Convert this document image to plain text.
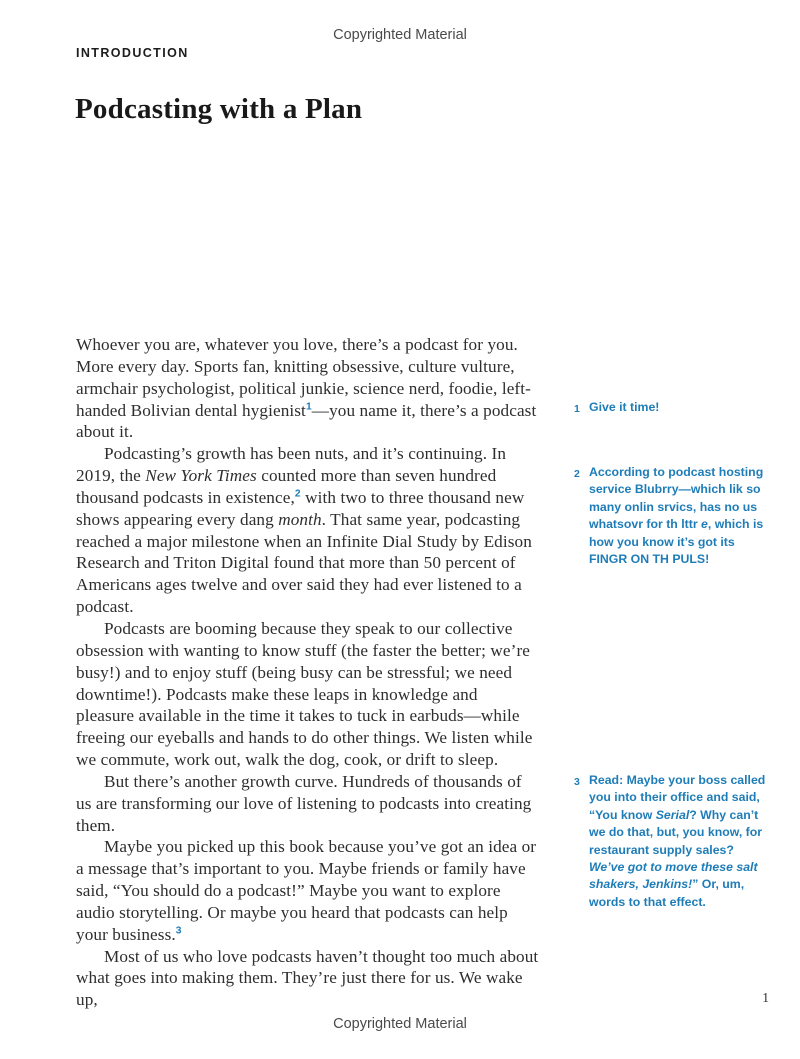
Copyrighted Material
INTRODUCTION
Podcasting with a Plan

Whoever you are, whatever you love, there’s a podcast for you. More every day. Sports fan, knitting obsessive, culture vulture, armchair psychologist, political junkie, science nerd, foodie, left-handed Bolivian dental hygienist$^1$—you name it, there’s a podcast about it.

Podcasting’s growth has been nuts, and it’s continuing. In 2019, the New York Times counted more than seven hundred thousand podcasts in existence,$^2$ with two to three thousand new shows appearing every dang month. That same year, podcasting reached a major milestone when an Infinite Dial Study by Edison Research and Triton Digital found that more than 50 percent of Americans ages twelve and over said they had ever listened to a podcast.

Podcasts are booming because they speak to our collective obsession with wanting to know stuff (the faster the better; we’re busy!) and to enjoy stuff (being busy can be stressful; we need downtime!). Podcasts make these leaps in knowledge and pleasure available in the time it takes to tuck in earbuds—while freeing our eyeballs and hands to do other things. We listen while we commute, work out, walk the dog, cook, or drift to sleep.

But there’s another growth curve. Hundreds of thousands of us are transforming our love of listening to podcasts into creating them.

Maybe you picked up this book because you’ve got an idea or a message that’s important to you. Maybe friends or family have said, “You should do a podcast!” Maybe you want to explore audio storytelling. Or maybe you heard that podcasts can help your business.$^3$

Most of us who love podcasts haven’t thought too much about what goes into making them. They’re just there for us. We wake up,

1 Give it time!
2 According to podcast hosting service Blubrry—which lik so many onlin srvics, has no us whatsovr for th lttr e, which is how you know it’s got its FINGR ON TH PULS!
3 Read: Maybe your boss called you into their office and said, “You know Serial? Why can’t we do that, but, you know, for restaurant supply sales? We’ve got to move these salt shakers, Jenkins!” Or, um, words to that effect.
1
Copyrighted Material
